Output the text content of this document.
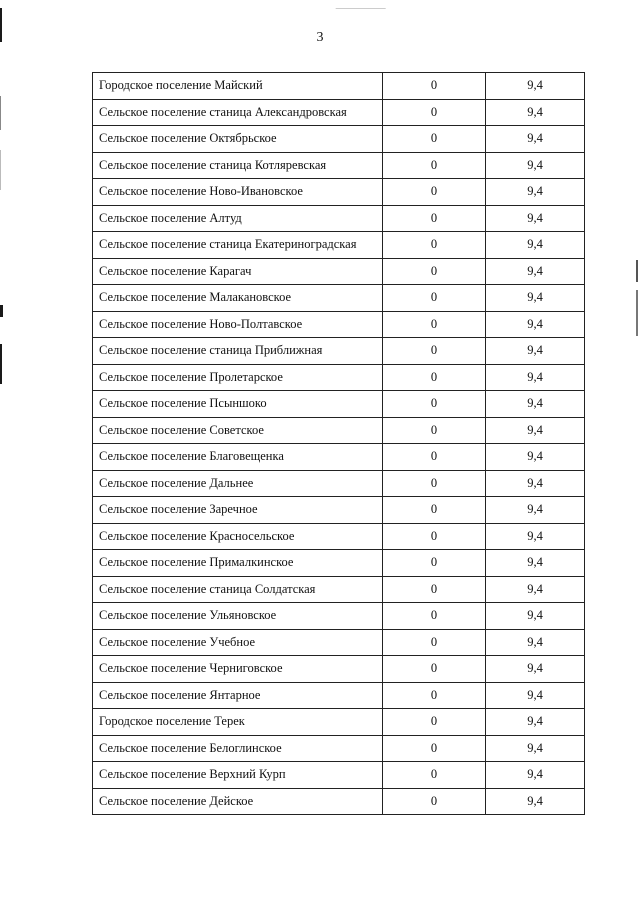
3
Городское поселение Майский	0	9,4
Сельское поселение станица Александровская	0	9,4
Сельское поселение Октябрьское	0	9,4
Сельское поселение станица Котляревская	0	9,4
Сельское поселение Ново-Ивановское	0	9,4
Сельское поселение Алтуд	0	9,4
Сельское поселение станица Екатериноградская	0	9,4
Сельское поселение Карагач	0	9,4
Сельское поселение Малакановское	0	9,4
Сельское поселение Ново-Полтавское	0	9,4
Сельское поселение станица Приближная	0	9,4
Сельское поселение Пролетарское	0	9,4
Сельское поселение Псыншоко	0	9,4
Сельское поселение Советское	0	9,4
Сельское поселение Благовещенка	0	9,4
Сельское поселение Дальнее	0	9,4
Сельское поселение Заречное	0	9,4
Сельское поселение Красносельское	0	9,4
Сельское поселение Прималкинское	0	9,4
Сельское поселение станица Солдатская	0	9,4
Сельское поселение Ульяновское	0	9,4
Сельское поселение Учебное	0	9,4
Сельское поселение Черниговское	0	9,4
Сельское поселение Янтарное	0	9,4
Городское поселение Терек	0	9,4
Сельское поселение Белоглинское	0	9,4
Сельское поселение Верхний Курп	0	9,4
Сельское поселение Дейское	0	9,4
